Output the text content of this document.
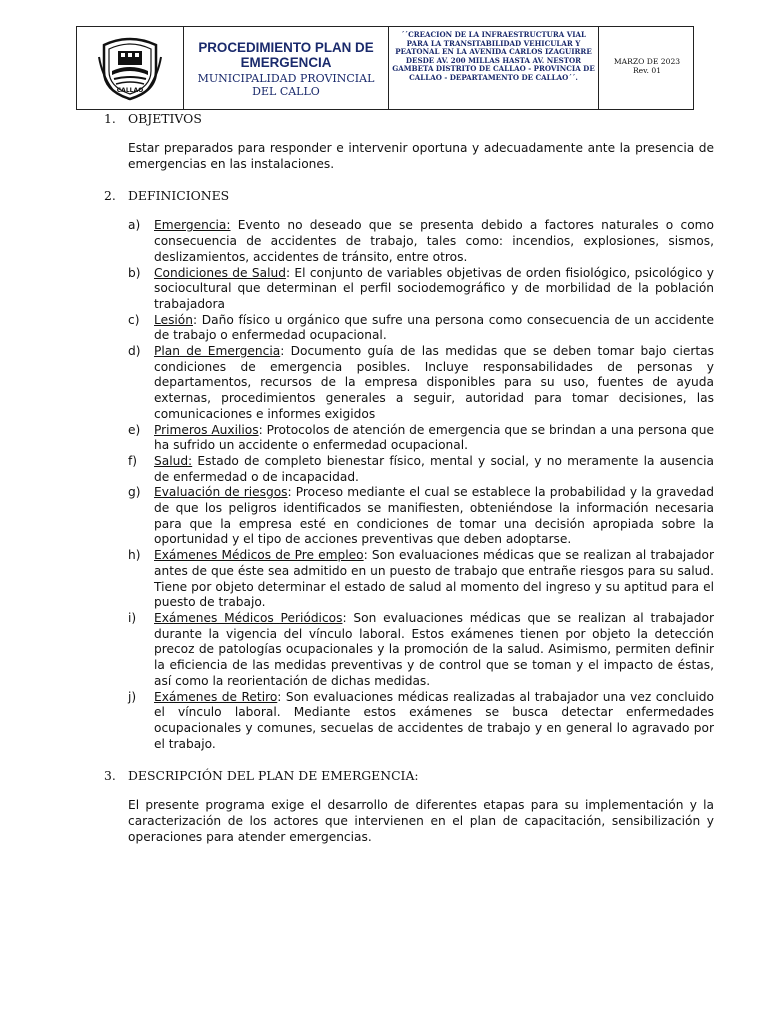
CALLAO
PROCEDIMIENTO PLAN DE EMERGENCIA
MUNICIPALIDAD PROVINCIAL DEL CALLO
´´CREACION DE LA INFRAESTRUCTURA VIAL PARA LA TRANSITABILIDAD VEHICULAR Y PEATONAL EN LA AVENIDA CARLOS IZAGUIRRE DESDE AV. 200 MILLAS HASTA AV. NESTOR GAMBETA DISTRITO DE CALLAO - PROVINCIA DE CALLAO - DEPARTAMENTO DE CALLAO´´.
MARZO DE 2023
Rev. 01
1. OBJETIVOS

Estar preparados para responder e intervenir oportuna y adecuadamente ante la presencia de emergencias en las instalaciones.

2. DEFINICIONES
a)	Emergencia: Evento no deseado que se presenta debido a factores naturales o como consecuencia de accidentes de trabajo, tales como: incendios, explosiones, sismos, deslizamientos, accidentes de tránsito, entre otros.
b)	Condiciones de Salud: El conjunto de variables objetivas de orden fisiológico, psicológico y sociocultural que determinan el perfil sociodemográfico y de morbilidad de la población trabajadora
c)	Lesión: Daño físico u orgánico que sufre una persona como consecuencia de un accidente de trabajo o enfermedad ocupacional.
d)	Plan de Emergencia: Documento guía de las medidas que se deben tomar bajo ciertas condiciones de emergencia posibles. Incluye responsabilidades de personas y departamentos, recursos de la empresa disponibles para su uso, fuentes de ayuda externas, procedimientos generales a seguir, autoridad para tomar decisiones, las comunicaciones e informes exigidos
e)	Primeros Auxilios: Protocolos de atención de emergencia que se brindan a una persona que ha sufrido un accidente o enfermedad ocupacional.
f)	Salud: Estado de completo bienestar físico, mental y social, y no meramente la ausencia de enfermedad o de incapacidad.
g)	Evaluación de riesgos: Proceso mediante el cual se establece la probabilidad y la gravedad de que los peligros identificados se manifiesten, obteniéndose la información necesaria para que la empresa esté en condiciones de tomar una decisión apropiada sobre la oportunidad y el tipo de acciones preventivas que deben adoptarse.
h)	Exámenes Médicos de Pre empleo: Son evaluaciones médicas que se realizan al trabajador antes de que éste sea admitido en un puesto de trabajo que entrañe riesgos para su salud. Tiene por objeto determinar el estado de salud al momento del ingreso y su aptitud para el puesto de trabajo.
i)	Exámenes Médicos Periódicos: Son evaluaciones médicas que se realizan al trabajador durante la vigencia del vínculo laboral. Estos exámenes tienen por objeto la detección precoz de patologías ocupacionales y la promoción de la salud. Asimismo, permiten definir la eficiencia de las medidas preventivas y de control que se toman y el impacto de éstas, así como la reorientación de dichas medidas.
j)	Exámenes de Retiro: Son evaluaciones médicas realizadas al trabajador una vez concluido el vínculo laboral. Mediante estos exámenes se busca detectar enfermedades ocupacionales y comunes, secuelas de accidentes de trabajo y en general lo agravado por el trabajo.
3. DESCRIPCIÓN DEL PLAN DE EMERGENCIA:

El presente programa exige el desarrollo de diferentes etapas para su implementación y la caracterización de los actores que intervienen en el plan de capacitación, sensibilización y operaciones para atender emergencias.
